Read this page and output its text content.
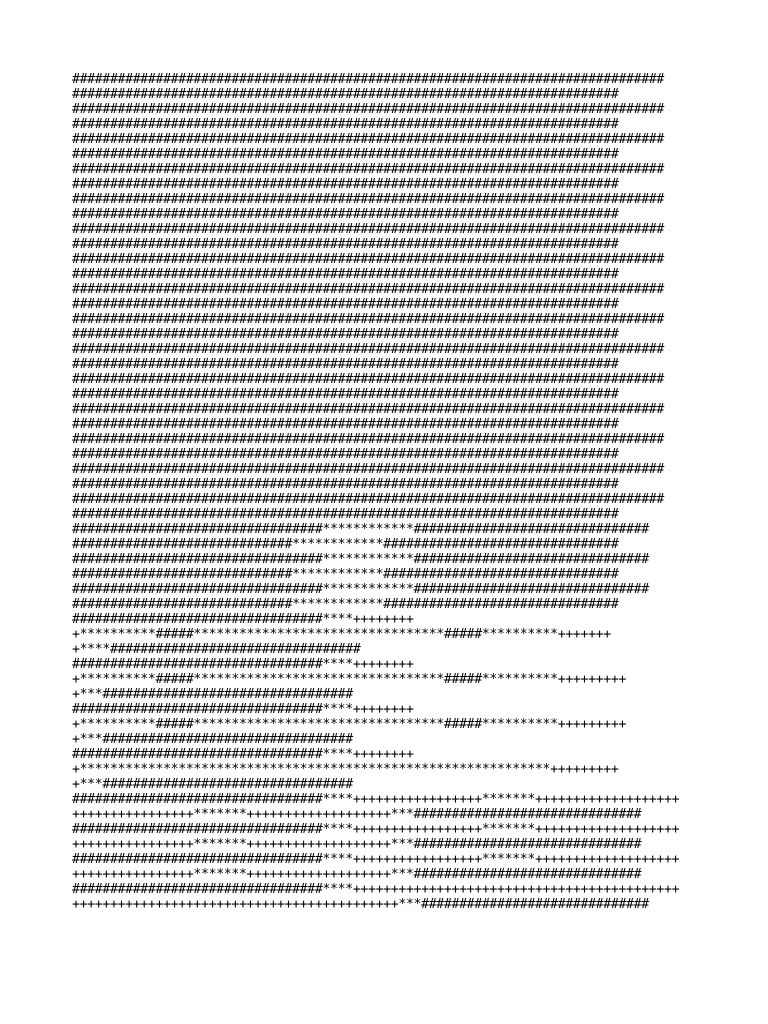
##############################################################################
########################################################################
##############################################################################
########################################################################
##############################################################################
########################################################################
##############################################################################
########################################################################
##############################################################################
########################################################################
##############################################################################
########################################################################
##############################################################################
########################################################################
##############################################################################
########################################################################
##############################################################################
########################################################################
##############################################################################
########################################################################
##############################################################################
########################################################################
##############################################################################
########################################################################
##############################################################################
########################################################################
##############################################################################
########################################################################
##############################################################################
########################################################################
#################################************###############################
#############################************###############################
#################################************###############################
#############################************###############################
#################################************###############################
#############################************###############################
#################################****++++++++
+**********#####*********************************#####**********+++++++
+****#################################
#################################****++++++++
+**********#####*********************************#####**********+++++++++
+***#################################
#################################****++++++++
+**********#####*********************************#####**********+++++++++
+***#################################
#################################****++++++++
+**************************************************************+++++++++
+***#################################
#################################****+++++++++++++++++*******+++++++++++++++++++
++++++++++++++++*******+++++++++++++++++++***##############################
#################################****+++++++++++++++++*******+++++++++++++++++++
++++++++++++++++*******+++++++++++++++++++***##############################
#################################****+++++++++++++++++*******+++++++++++++++++++
++++++++++++++++*******+++++++++++++++++++***##############################
#################################****+++++++++++++++++++++++++++++++++++++++++++
+++++++++++++++++++++++++++++++++++++++++++***##############################
